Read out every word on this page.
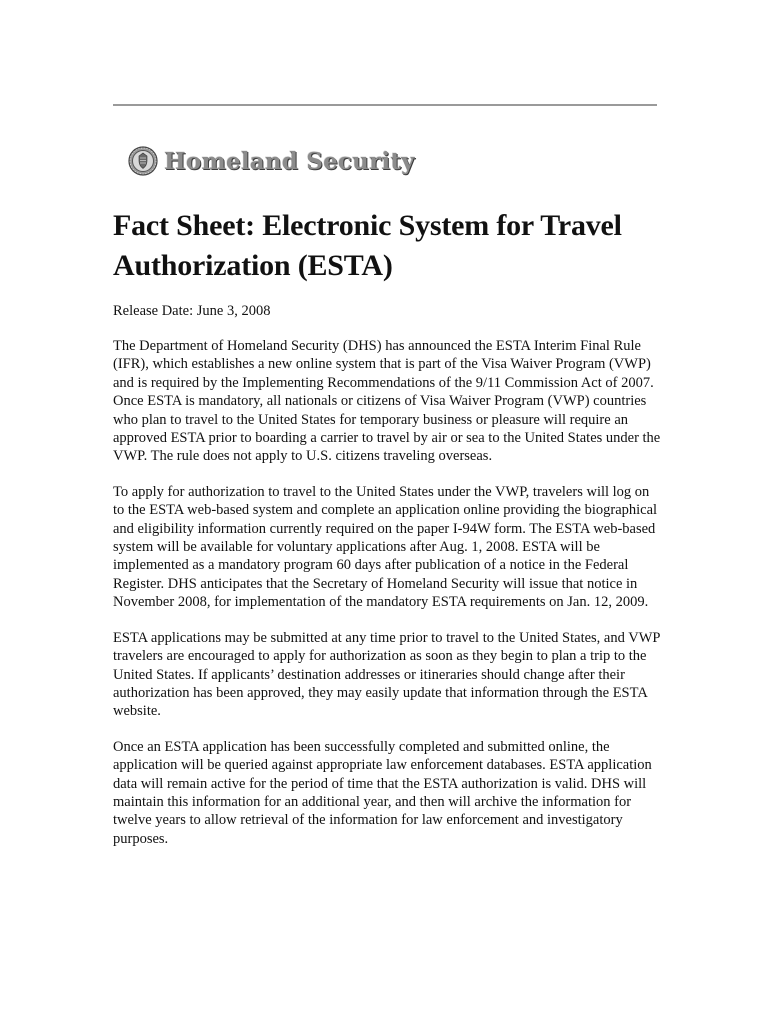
Homeland Security
Fact Sheet: Electronic System for Travel Authorization (ESTA)

Release Date: June 3, 2008

The Department of Homeland Security (DHS) has announced the ESTA Interim Final Rule (IFR), which establishes a new online system that is part of the Visa Waiver Program (VWP) and is required by the Implementing Recommendations of the 9/11 Commission Act of 2007. Once ESTA is mandatory, all nationals or citizens of Visa Waiver Program (VWP) countries who plan to travel to the United States for temporary business or pleasure will require an approved ESTA prior to boarding a carrier to travel by air or sea to the United States under the VWP. The rule does not apply to U.S. citizens traveling overseas.

To apply for authorization to travel to the United States under the VWP, travelers will log on to the ESTA web-based system and complete an application online providing the biographical and eligibility information currently required on the paper I-94W form. The ESTA web-based system will be available for voluntary applications after Aug. 1, 2008. ESTA will be implemented as a mandatory program 60 days after publication of a notice in the Federal Register. DHS anticipates that the Secretary of Homeland Security will issue that notice in November 2008, for implementation of the mandatory ESTA requirements on Jan. 12, 2009.

ESTA applications may be submitted at any time prior to travel to the United States, and VWP travelers are encouraged to apply for authorization as soon as they begin to plan a trip to the United States. If applicants’ destination addresses or itineraries should change after their authorization has been approved, they may easily update that information through the ESTA website.

Once an ESTA application has been successfully completed and submitted online, the application will be queried against appropriate law enforcement databases. ESTA application data will remain active for the period of time that the ESTA authorization is valid. DHS will maintain this information for an additional year, and then will archive the information for twelve years to allow retrieval of the information for law enforcement and investigatory purposes.
